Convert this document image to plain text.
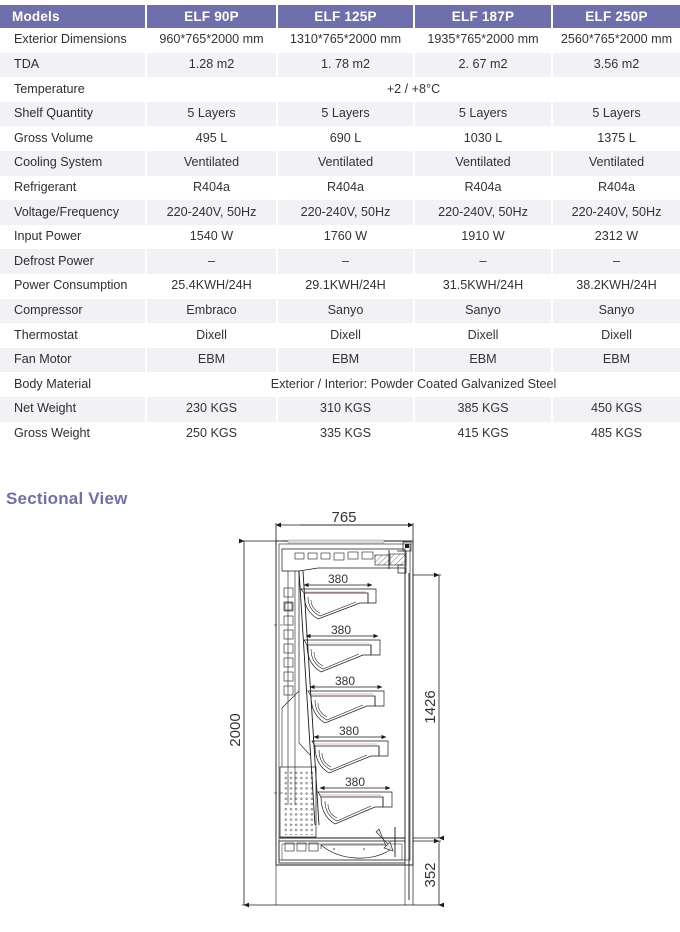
Models	ELF 90P	ELF 125P	ELF 187P	ELF 250P
Exterior Dimensions	960*765*2000 mm	1310*765*2000 mm	1935*765*2000 mm	2560*765*2000 mm
TDA	1.28 m2	1. 78 m2	2. 67 m2	3.56 m2
Temperature	+2 / +8°C			
Shelf Quantity	5 Layers	5 Layers	5 Layers	5 Layers
Gross Volume	495 L	690 L	1030 L	1375 L
Cooling System	Ventilated	Ventilated	Ventilated	Ventilated
Refrigerant	R404a	R404a	R404a	R404a
Voltage/Frequency	220-240V, 50Hz	220-240V, 50Hz	220-240V, 50Hz	220-240V, 50Hz
Input Power	1540 W	1760 W	1910 W	2312 W
Defrost Power	–	–	–	–
Power Consumption	25.4KWH/24H	29.1KWH/24H	31.5KWH/24H	38.2KWH/24H
Compressor	Embraco	Sanyo	Sanyo	Sanyo
Thermostat	Dixell	Dixell	Dixell	Dixell
Fan Motor	EBM	EBM	EBM	EBM
Body Material	Exterior / Interior: Powder Coated Galvanized Steel			
Net Weight	230 KGS	310 KGS	385 KGS	450 KGS
Gross Weight	250 KGS	335 KGS	415 KGS	485 KGS
Sectional View
765
2000
1426
352
380
380
380
380
380
